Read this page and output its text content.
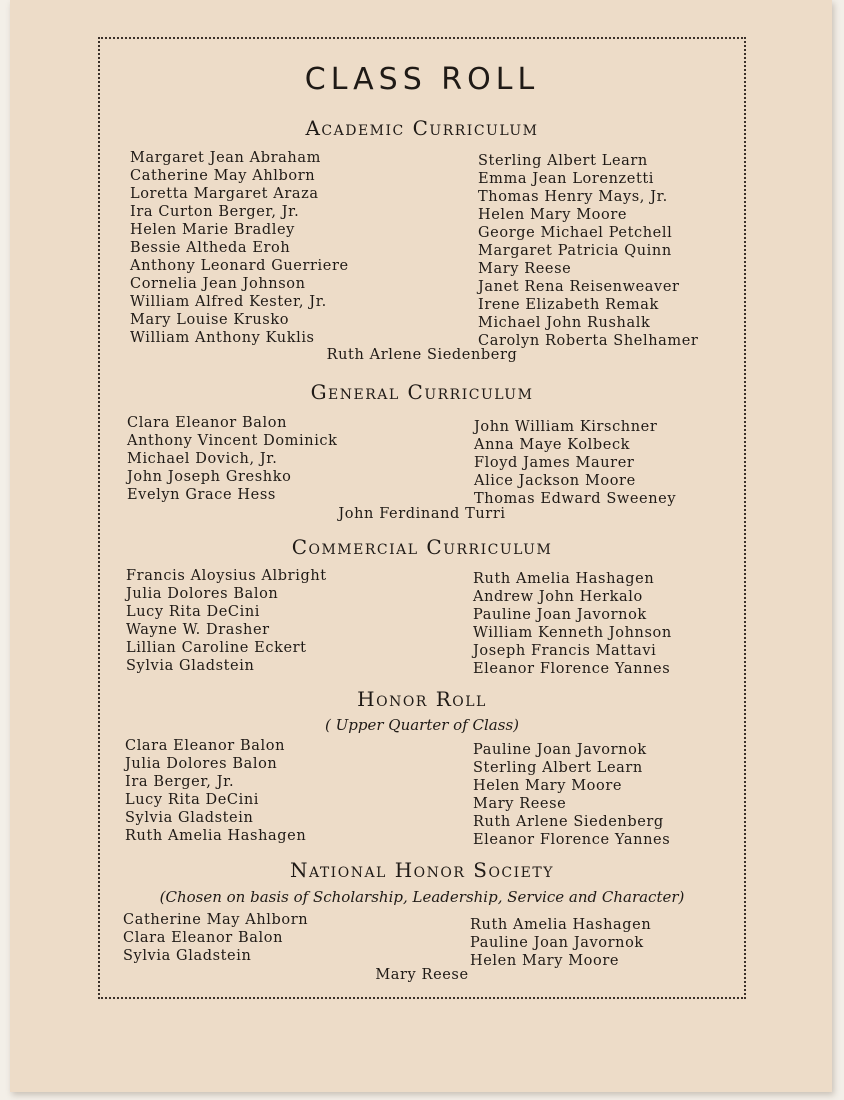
CLASS ROLL
Academic Curriculum
Margaret Jean Abraham
Catherine May Ahlborn
Loretta Margaret Araza
Ira Curton Berger, Jr.
Helen Marie Bradley
Bessie Altheda Eroh
Anthony Leonard Guerriere
Cornelia Jean Johnson
William Alfred Kester, Jr.
Mary Louise Krusko
William Anthony Kuklis
Sterling Albert Learn
Emma Jean Lorenzetti
Thomas Henry Mays, Jr.
Helen Mary Moore
George Michael Petchell
Margaret Patricia Quinn
Mary Reese
Janet Rena Reisenweaver
Irene Elizabeth Remak
Michael John Rushalk
Carolyn Roberta Shelhamer
Ruth Arlene Siedenberg
General Curriculum
Clara Eleanor Balon
Anthony Vincent Dominick
Michael Dovich, Jr.
John Joseph Greshko
Evelyn Grace Hess
John William Kirschner
Anna Maye Kolbeck
Floyd James Maurer
Alice Jackson Moore
Thomas Edward Sweeney
John Ferdinand Turri
Commercial Curriculum
Francis Aloysius Albright
Julia Dolores Balon
Lucy Rita DeCini
Wayne W. Drasher
Lillian Caroline Eckert
Sylvia Gladstein
Ruth Amelia Hashagen
Andrew John Herkalo
Pauline Joan Javornok
William Kenneth Johnson
Joseph Francis Mattavi
Eleanor Florence Yannes
Honor Roll
( Upper Quarter of Class)
Clara Eleanor Balon
Julia Dolores Balon
Ira Berger, Jr.
Lucy Rita DeCini
Sylvia Gladstein
Ruth Amelia Hashagen
Pauline Joan Javornok
Sterling Albert Learn
Helen Mary Moore
Mary Reese
Ruth Arlene Siedenberg
Eleanor Florence Yannes
National Honor Society
(Chosen on basis of Scholarship, Leadership, Service and Character)
Catherine May Ahlborn
Clara Eleanor Balon
Sylvia Gladstein
Ruth Amelia Hashagen
Pauline Joan Javornok
Helen Mary Moore
Mary Reese
